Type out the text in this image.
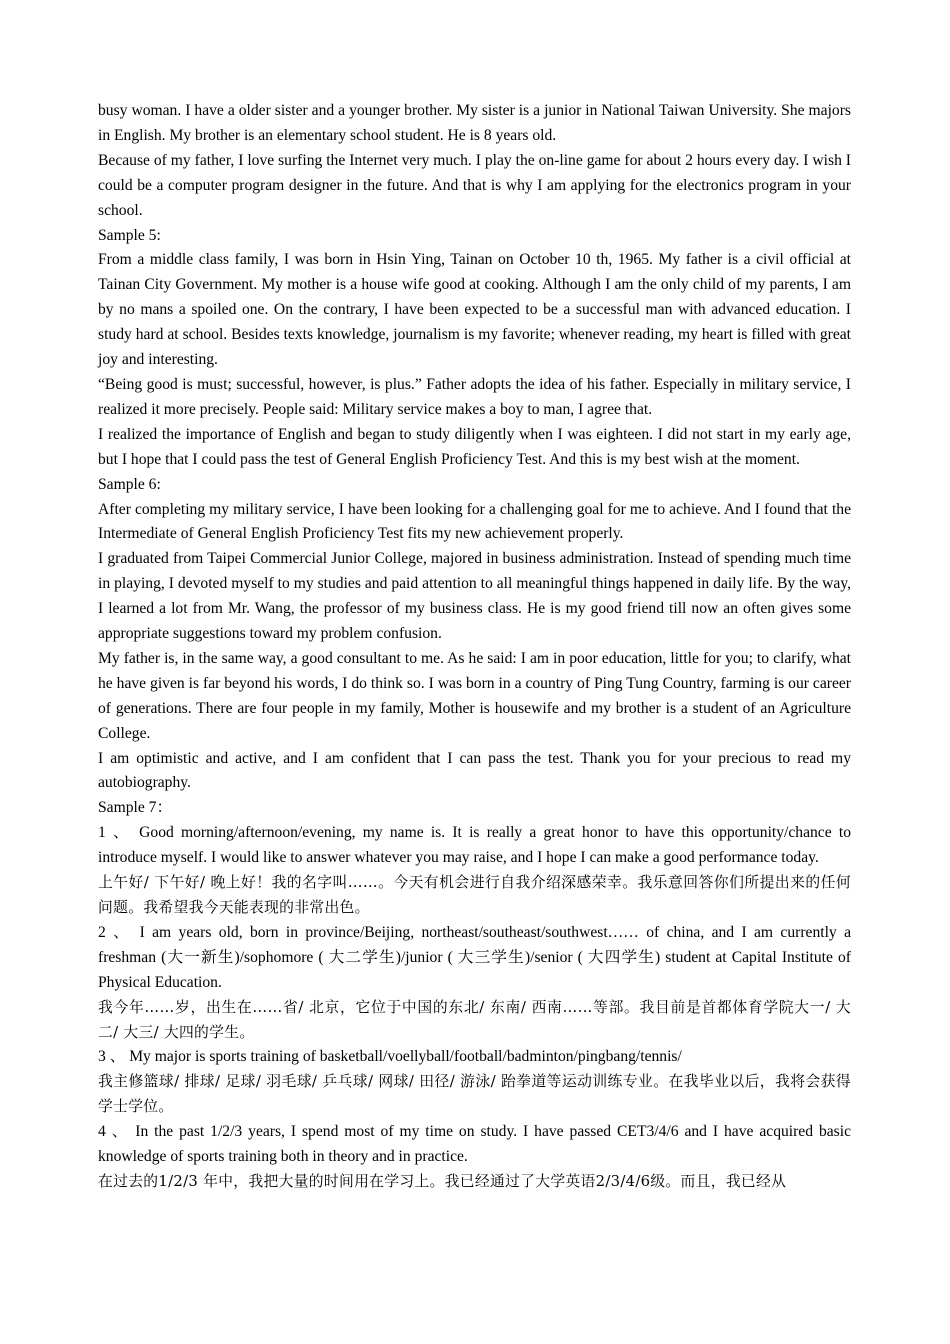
busy woman. I have a older sister and a younger brother. My sister is a junior in National Taiwan University. She majors in English. My brother is an elementary school student. He is 8 years old.

Because of my father, I love surfing the Internet very much. I play the on-line game for about 2 hours every day. I wish I could be a computer program designer in the future. And that is why I am applying for the electronics program in your school.

Sample 5:

From a middle class family, I was born in Hsin Ying, Tainan on October 10 th, 1965. My father is a civil official at Tainan City Government. My mother is a house wife good at cooking. Although I am the only child of my parents, I am by no mans a spoiled one. On the contrary, I have been expected to be a successful man with advanced education. I study hard at school. Besides texts knowledge, journalism is my favorite; whenever reading, my heart is filled with great joy and interesting.

“Being good is must; successful, however, is plus.” Father adopts the idea of his father. Especially in military service, I realized it more precisely. People said: Military service makes a boy to man, I agree that.

I realized the importance of English and began to study diligently when I was eighteen. I did not start in my early age, but I hope that I could pass the test of General English Proficiency Test. And this is my best wish at the moment.

Sample 6:

After completing my military service, I have been looking for a challenging goal for me to achieve. And I found that the Intermediate of General English Proficiency Test fits my new achievement properly.

I graduated from Taipei Commercial Junior College, majored in business administration. Instead of spending much time in playing, I devoted myself to my studies and paid attention to all meaningful things happened in daily life. By the way, I learned a lot from Mr. Wang, the professor of my business class. He is my good friend till now an often gives some appropriate suggestions toward my problem confusion.

My father is, in the same way, a good consultant to me. As he said: I am in poor education, little for you; to clarify, what he have given is far beyond his words, I do think so. I was born in a country of Ping Tung Country, farming is our career of generations. There are four people in my family, Mother is housewife and my brother is a student of an Agriculture College.

I am optimistic and active, and I am confident that I can pass the test. Thank you for your precious to read my autobiography.

Sample 7：

1 、 Good morning/afternoon/evening, my name is. It is really a great honor to have this opportunity/chance to introduce myself. I would like to answer whatever you may raise, and I hope I can make a good performance today.

上午好/ 下午好/ 晚上好！我的名字叫……。今天有机会进行自我介绍深感荣幸。我乐意回答你们所提出来的任何问题。我希望我今天能表现的非常出色。

2 、 I am years old, born in province/Beijing, northeast/southeast/southwest…… of china, and I am currently a freshman (大一新生)/sophomore ( 大二学生)/junior ( 大三学生)/senior ( 大四学生) student at Capital Institute of Physical Education.

我今年……岁，出生在……省/ 北京，它位于中国的东北/ 东南/ 西南……等部。我目前是首都体育学院大一/ 大二/ 大三/ 大四的学生。

3 、 My major is sports training of basketball/voellyball/football/badminton/pingbang/tennis/

我主修篮球/ 排球/ 足球/ 羽毛球/ 乒乓球/ 网球/ 田径/ 游泳/ 跆拳道等运动训练专业。在我毕业以后，我将会获得学士学位。

4 、 In the past 1/2/3 years, I spend most of my time on study. I have passed CET3/4/6 and I have acquired basic knowledge of sports training both in theory and in practice.

在过去的1/2/3 年中，我把大量的时间用在学习上。我已经通过了大学英语2/3/4/6级。而且，我已经从
